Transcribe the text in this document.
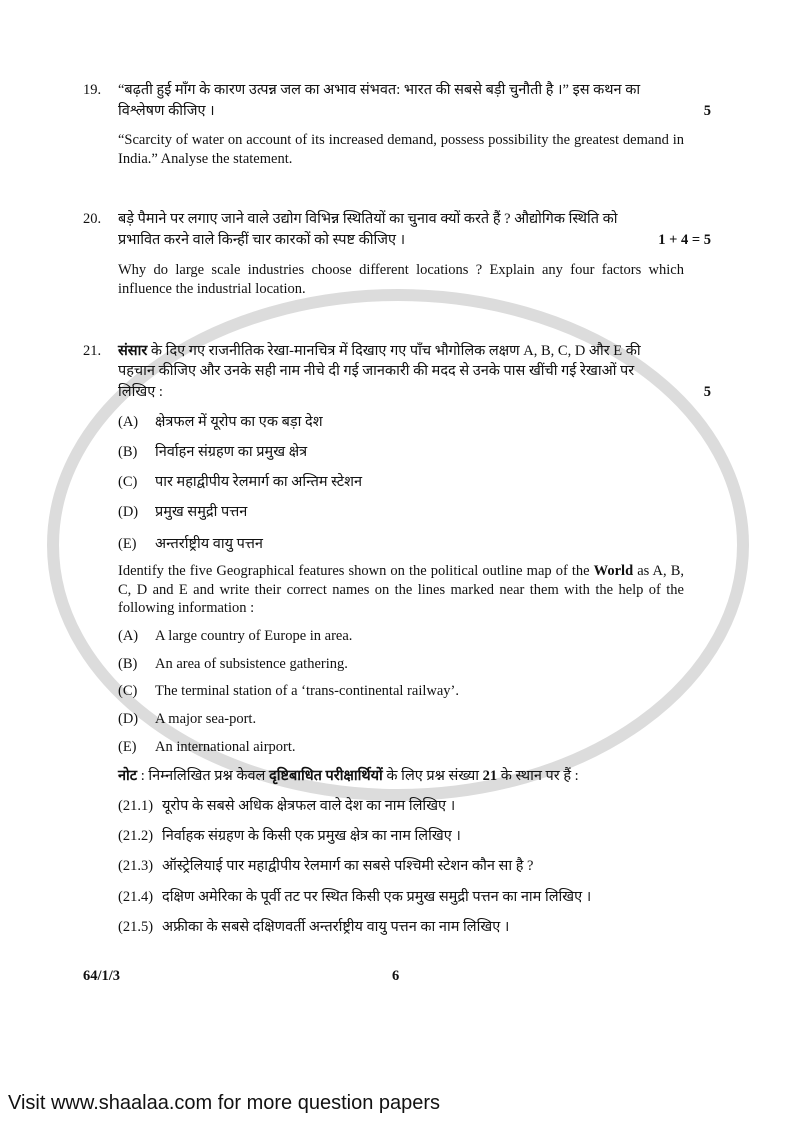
19. “बढ़ती हुई माँग के कारण उत्पन्न जल का अभाव संभवत: भारत की सबसे बड़ी चुनौती है ।” इस कथन का
विश्लेषण कीजिए ।	5
“Scarcity of water on account of its increased demand, possess possibility the greatest demand in India.” Analyse the statement.
20. बड़े पैमाने पर लगाए जाने वाले उद्योग विभिन्न स्थितियों का चुनाव क्यों करते हैं ? औद्योगिक स्थिति को
प्रभावित करने वाले किन्हीं चार कारकों को स्पष्ट कीजिए ।	1 + 4 = 5
Why do large scale industries choose different locations ? Explain any four factors which influence the industrial location.
21. संसार के दिए गए राजनीतिक रेखा-मानचित्र में दिखाए गए पाँच भौगोलिक लक्षण A, B, C, D और E की
पहचान कीजिए और उनके सही नाम नीचे दी गई जानकारी की मदद से उनके पास खींची गई रेखाओं पर
लिखिए :	5
(A) क्षेत्रफल में यूरोप का एक बड़ा देश
(B) निर्वाहन संग्रहण का प्रमुख क्षेत्र
(C) पार महाद्वीपीय रेलमार्ग का अन्तिम स्टेशन
(D) प्रमुख समुद्री पत्तन
(E) अन्तर्राष्ट्रीय वायु पत्तन
Identify the five Geographical features shown on the political outline map of the World as A, B, C, D and E and write their correct names on the lines marked near them with the help of the following information :
(A) A large country of Europe in area.
(B) An area of subsistence gathering.
(C) The terminal station of a ‘trans-continental railway’.
(D) A major sea-port.
(E) An international airport.
नोट : निम्नलिखित प्रश्न केवल दृष्टिबाधित परीक्षार्थियों के लिए प्रश्न संख्या 21 के स्थान पर हैं :
(21.1) यूरोप के सबसे अधिक क्षेत्रफल वाले देश का नाम लिखिए ।
(21.2) निर्वाहक संग्रहण के किसी एक प्रमुख क्षेत्र का नाम लिखिए ।
(21.3) ऑस्ट्रेलियाई पार महाद्वीपीय रेलमार्ग का सबसे पश्चिमी स्टेशन कौन सा है ?
(21.4) दक्षिण अमेरिका के पूर्वी तट पर स्थित किसी एक प्रमुख समुद्री पत्तन का नाम लिखिए ।
(21.5) अफ्रीका के सबसे दक्षिणवर्ती अन्तर्राष्ट्रीय वायु पत्तन का नाम लिखिए ।
64/1/3	6
Visit www.shaalaa.com for more question papers
